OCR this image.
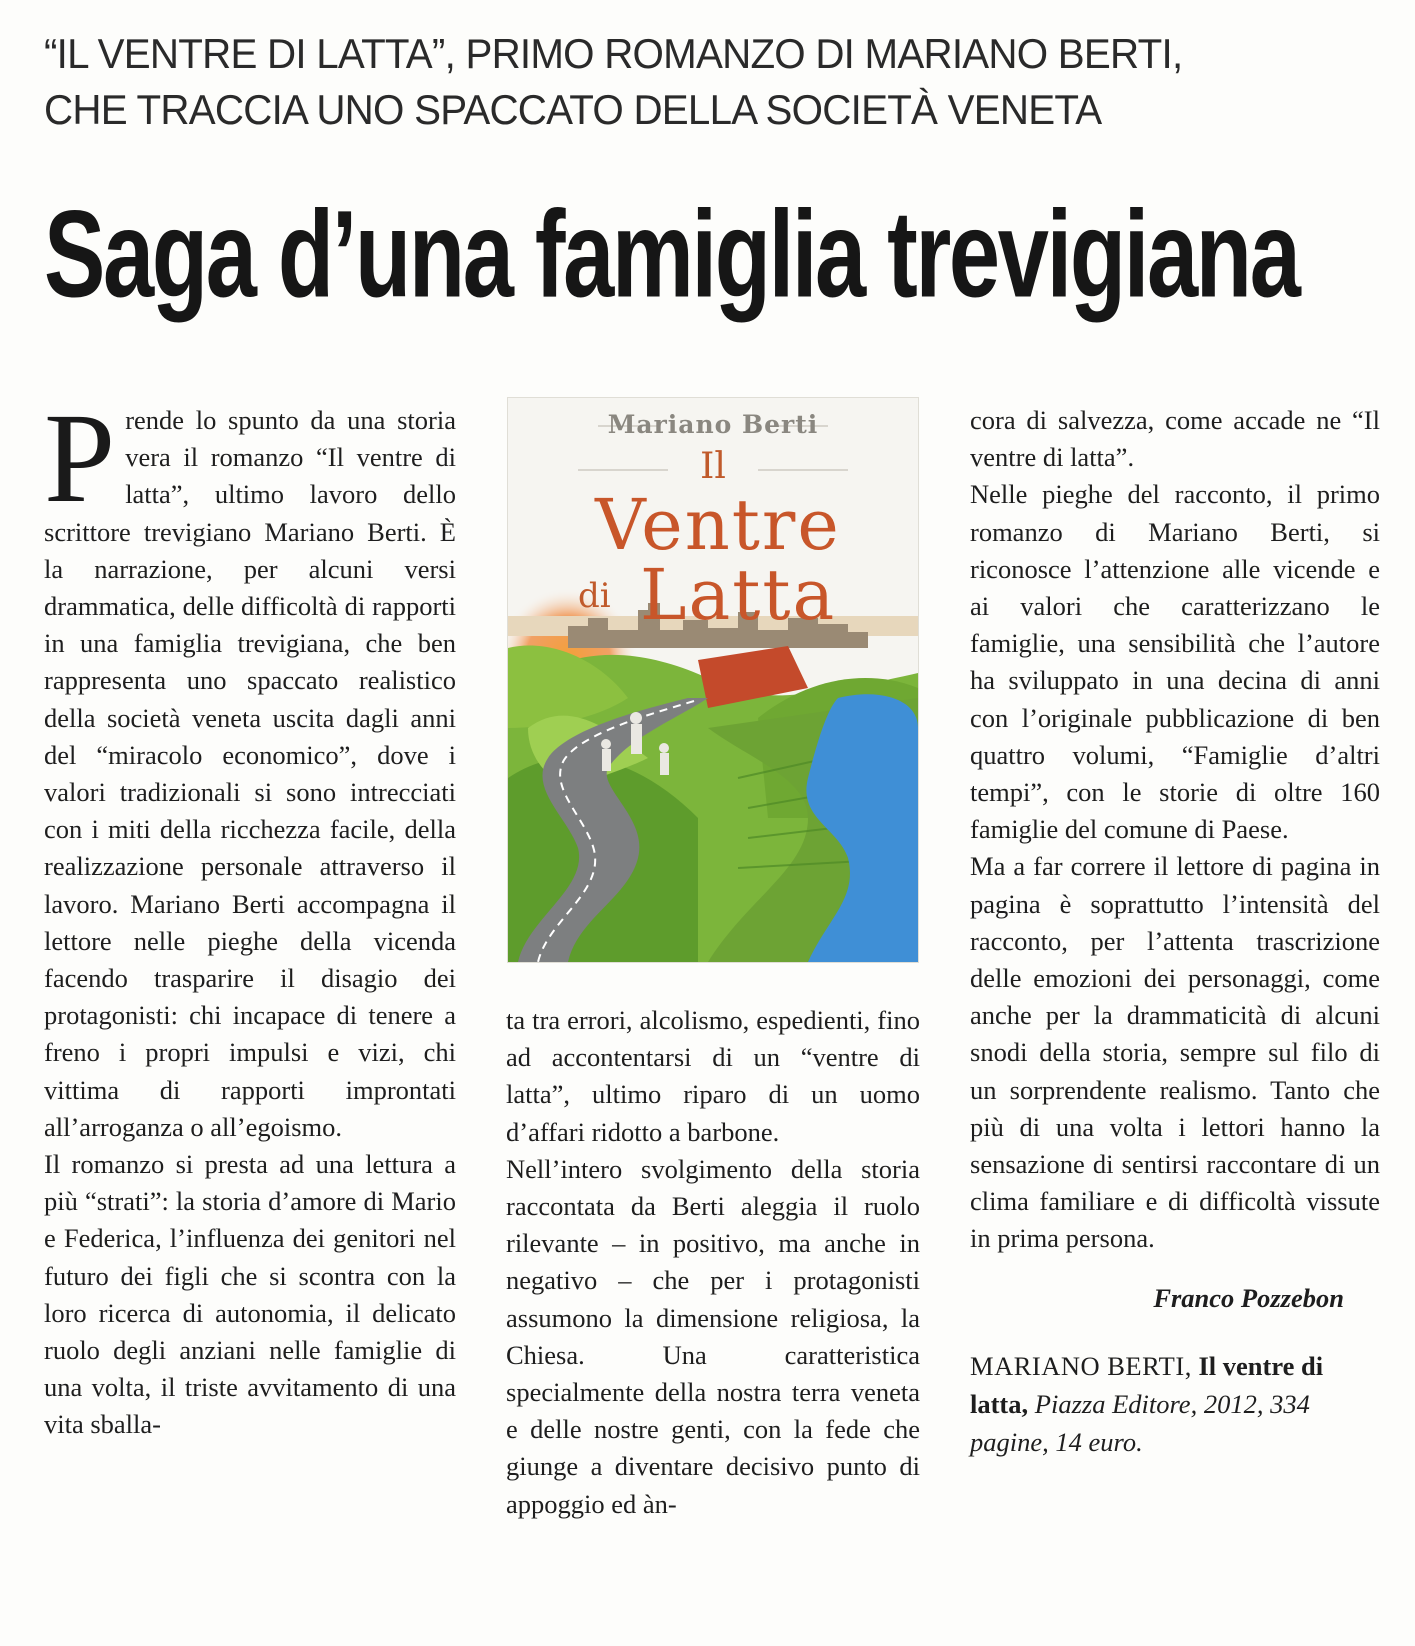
“IL VENTRE DI LATTA”, PRIMO ROMANZO DI MARIANO BERTI,
CHE TRACCIA UNO SPACCATO DELLA SOCIETÀ VENETA
Saga d’una famiglia trevigiana

Prende lo spunto da una storia vera il romanzo “Il ventre di latta”, ultimo lavoro dello scrittore trevigiano Mariano Berti. È la narrazione, per alcuni versi drammatica, delle difficoltà di rapporti in una famiglia trevigiana, che ben rappresenta uno spaccato realistico della società veneta uscita dagli anni del “miracolo economico”, dove i valori tradizionali si sono intrecciati con i miti della ricchezza facile, della realizzazione personale attraverso il lavoro. Mariano Berti accompagna il lettore nelle pieghe della vicenda facendo trasparire il disagio dei protagonisti: chi incapace di tenere a freno i propri impulsi e vizi, chi vittima di rapporti improntati all’arroganza o all’egoismo.

Il romanzo si presta ad una lettura a più “strati”: la storia d’amore di Mario e Federica, l’influenza dei genitori nel futuro dei figli che si scontra con la loro ricerca di autonomia, il delicato ruolo degli anziani nelle famiglie di una volta, il triste avvitamento di una vita sballa-

Mariano Berti
Il
Ventre
di Latta

ta tra errori, alcolismo, espedienti, fino ad accontentarsi di un “ventre di latta”, ultimo riparo di un uomo d’affari ridotto a barbone.

Nell’intero svolgimento della storia raccontata da Berti aleggia il ruolo rilevante – in positivo, ma anche in negativo – che per i protagonisti assumono la dimensione religiosa, la Chiesa. Una caratteristica specialmente della nostra terra veneta e delle nostre genti, con la fede che giunge a diventare decisivo punto di appoggio ed àn-

cora di salvezza, come accade ne “Il ventre di latta”.

Nelle pieghe del racconto, il primo romanzo di Mariano Berti, si riconosce l’attenzione alle vicende e ai valori che caratterizzano le famiglie, una sensibilità che l’autore ha sviluppato in una decina di anni con l’originale pubblicazione di ben quattro volumi, “Famiglie d’altri tempi”, con le storie di oltre 160 famiglie del comune di Paese.

Ma a far correre il lettore di pagina in pagina è soprattutto l’intensità del racconto, per l’attenta trascrizione delle emozioni dei personaggi, come anche per la drammaticità di alcuni snodi della storia, sempre sul filo di un sorprendente realismo. Tanto che più di una volta i lettori hanno la sensazione di sentirsi raccontare di un clima familiare e di difficoltà vissute in prima persona.

Franco Pozzebon
MARIANO BERTI, Il ventre di latta, Piazza Editore, 2012, 334 pagine, 14 euro.
